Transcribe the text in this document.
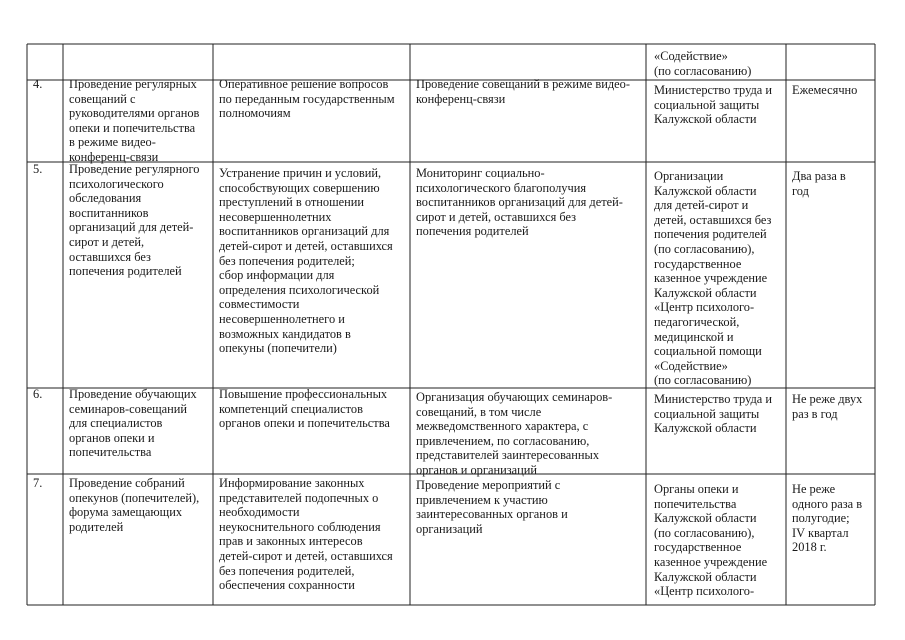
«Содействие»
(по согласованию)

4. Проведение регулярных
совещаний с
руководителями органов
опеки и попечительства
в режиме видео-
конференц-связи

Оперативное решение вопросов
по переданным государственным
полномочиям

Проведение совещаний в режиме видео-
конференц-связи

Министерство труда и
социальной защиты
Калужской области

Ежемесячно

5. Проведение регулярного
психологического
обследования
воспитанников
организаций для детей-
сирот и детей,
оставшихся без
попечения родителей

Устранение причин и условий,
способствующих совершению
преступлений в отношении
несовершеннолетних
воспитанников организаций для
детей-сирот и детей, оставшихся
без попечения родителей;
сбор информации для
определения психологической
совместимости
несовершеннолетнего и
возможных кандидатов в
опекуны (попечители)

Мониторинг социально-
психологического благополучия
воспитанников организаций для детей-
сирот и детей, оставшихся без
попечения родителей

Организации
Калужской области
для детей-сирот и
детей, оставшихся без
попечения родителей
(по согласованию),
государственное
казенное учреждение
Калужской области
«Центр психолого-
педагогической,
медицинской и
социальной помощи
«Содействие»
(по согласованию)

Два раза в
год

6. Проведение обучающих
семинаров-совещаний
для специалистов
органов опеки и
попечительства

Повышение профессиональных
компетенций специалистов
органов опеки и попечительства

Организация обучающих семинаров-
совещаний, в том числе
межведомственного характера, с
привлечением, по согласованию,
представителей заинтересованных
органов и организаций

Министерство труда и
социальной защиты
Калужской области

Не реже двух
раз в год

7. Проведение собраний
опекунов (попечителей),
форума замещающих
родителей

Информирование законных
представителей подопечных о
необходимости
неукоснительного соблюдения
прав и законных интересов
детей-сирот и детей, оставшихся
без попечения родителей,
обеспечения сохранности

Проведение мероприятий с
привлечением к участию
заинтересованных органов и
организаций

Органы опеки и
попечительства
Калужской области
(по согласованию),
государственное
казенное учреждение
Калужской области
«Центр психолого-

Не реже
одного раза в
полугодие;
IV квартал
2018 г.
